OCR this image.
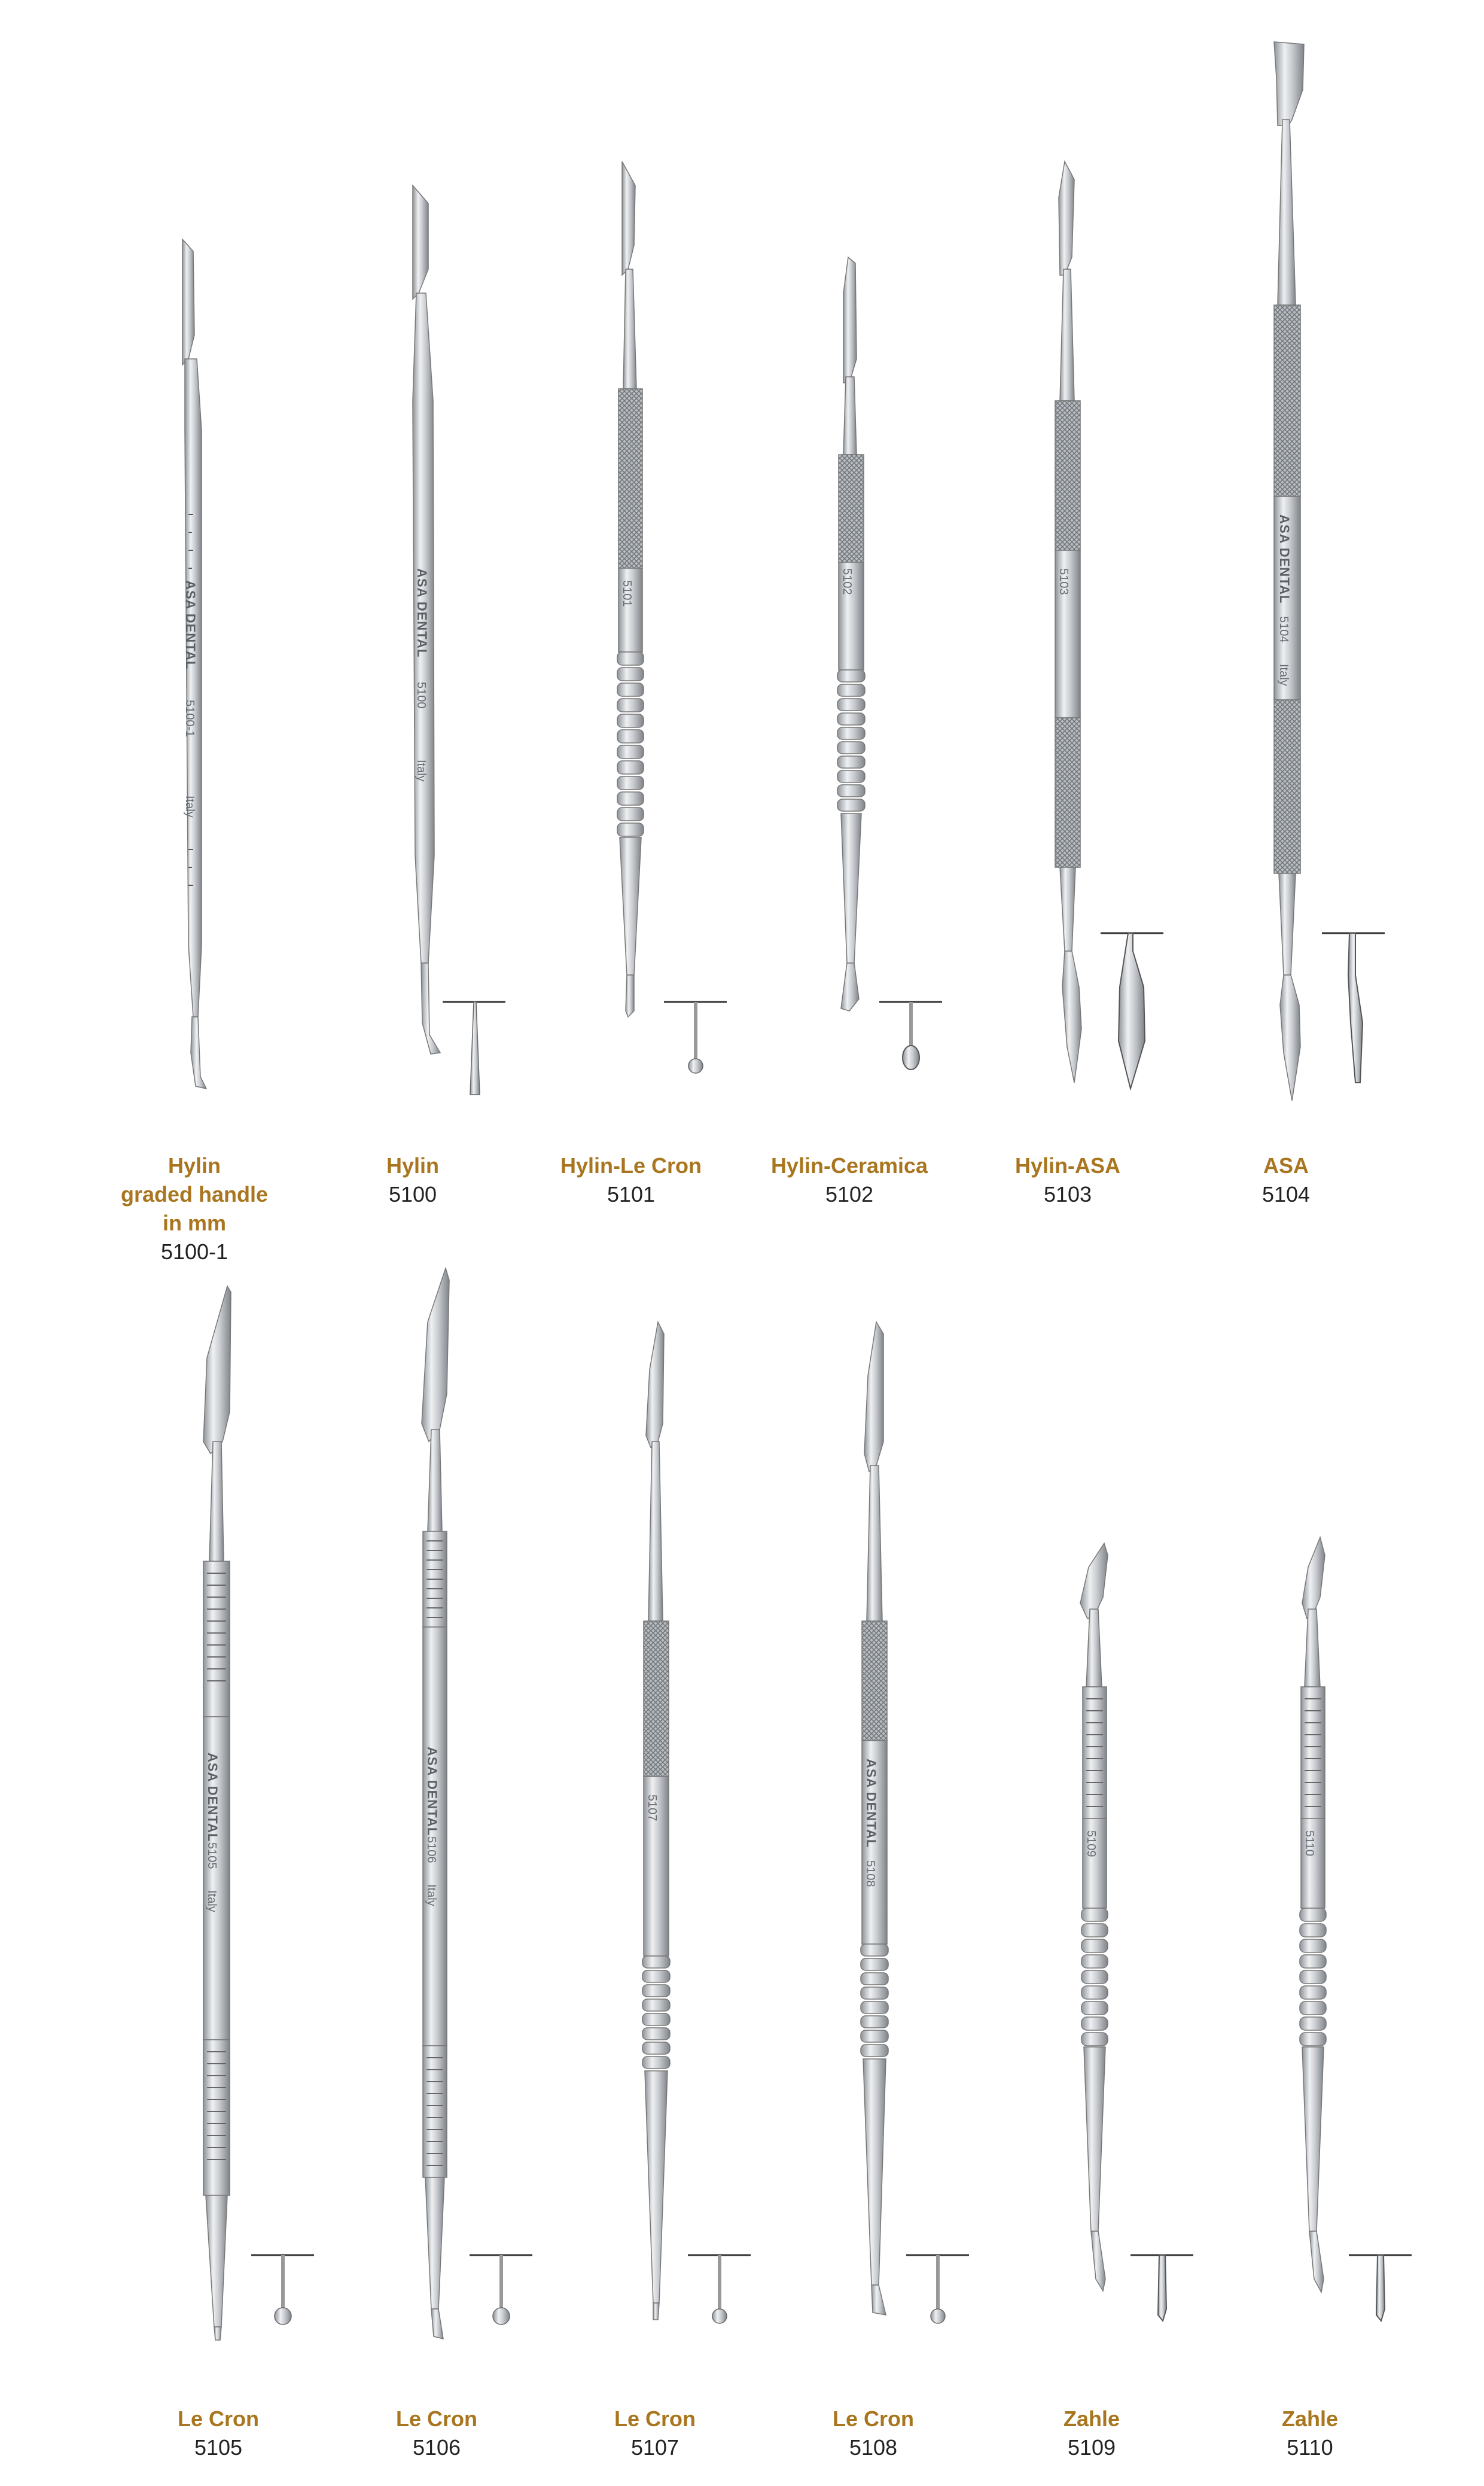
ASA DENTAL
5100-1
Italy
ASA DENTAL
5100
Italy
5101	5102	5103	ASA DENTAL
5104
Italy
Hylin
graded handle
in mm
5100-1
Hylin
5100
Hylin-Le Cron
5101
Hylin-Ceramica
5102
Hylin-ASA
5103
ASA
5104
ASA DENTAL
5105
Italy
ASA DENTAL
5106
Italy
5107	ASA DENTAL
5108
5109	5110
Le Cron
5105
Le Cron
5106
Le Cron
5107
Le Cron
5108
Zahle
5109
Zahle
5110
